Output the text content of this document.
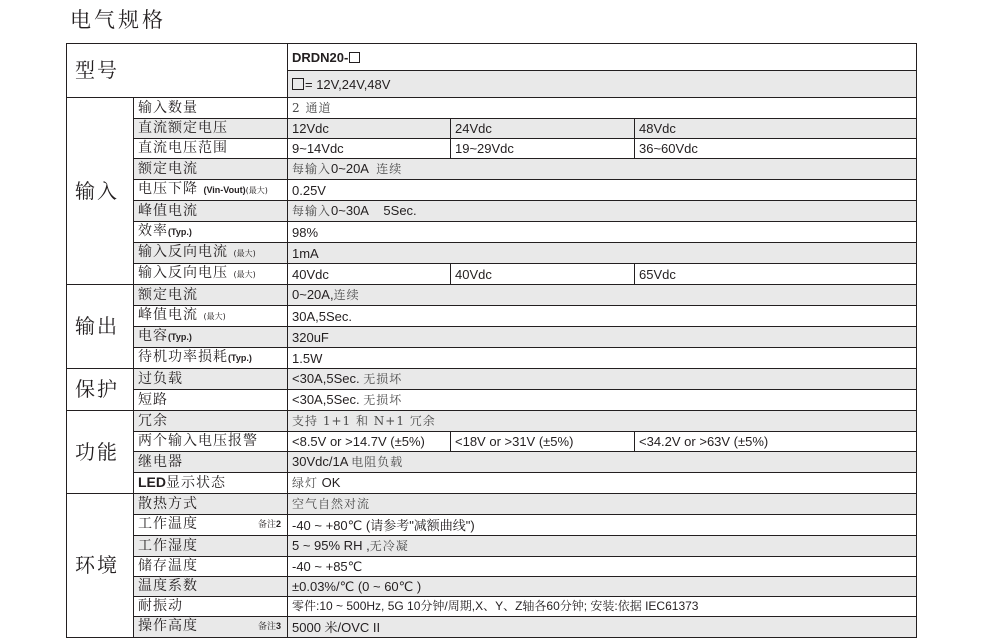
电气规格
型号		DRDN20-		
		= 12V,24V,48V		
输入	输入数量	2 通道		
	直流额定电压	12Vdc	24Vdc	48Vdc
	直流电压范围	9~14Vdc	19~29Vdc	36~60Vdc
	额定电流	每输入0~20A 连续		
	电压下降 (Vin-Vout)(最大)	0.25V		
	峰值电流	每输入0~30A 5Sec.		
	效率(Typ.)	98%		
	输入反向电流 (最大)	1mA		
	输入反向电压 (最大)	40Vdc	40Vdc	65Vdc
输出	额定电流	0~20A,连续		
	峰值电流 (最大)	30A,5Sec.		
	电容(Typ.)	320uF		
	待机功率损耗(Typ.)	1.5W		
保护	过负载	<30A,5Sec. 无损坏		
	短路	<30A,5Sec. 无损坏		
功能	冗余	支持 1+1 和 N+1 冗余		
	两个输入电压报警	<8.5V or >14.7V (±5%)	<18V or >31V (±5%)	<34.2V or >63V (±5%)
	继电器	30Vdc/1A 电阻负载		
	LED显示状态	绿灯 OK		
环境	散热方式	空气自然对流		
	工作温度 备注2	-40 ~ +80℃ (请参考"减额曲线")		
	工作湿度	5 ~ 95% RH ,无冷凝		
	储存温度	-40 ~ +85℃		
	温度系数	±0.03%/℃ (0 ~ 60℃ )		
	耐振动	零件:10 ~ 500Hz, 5G 10分钟/周期,X、Y、Z轴各60分钟; 安装:依据 IEC61373		
	操作高度 备注3	5000 米/OVC II		
